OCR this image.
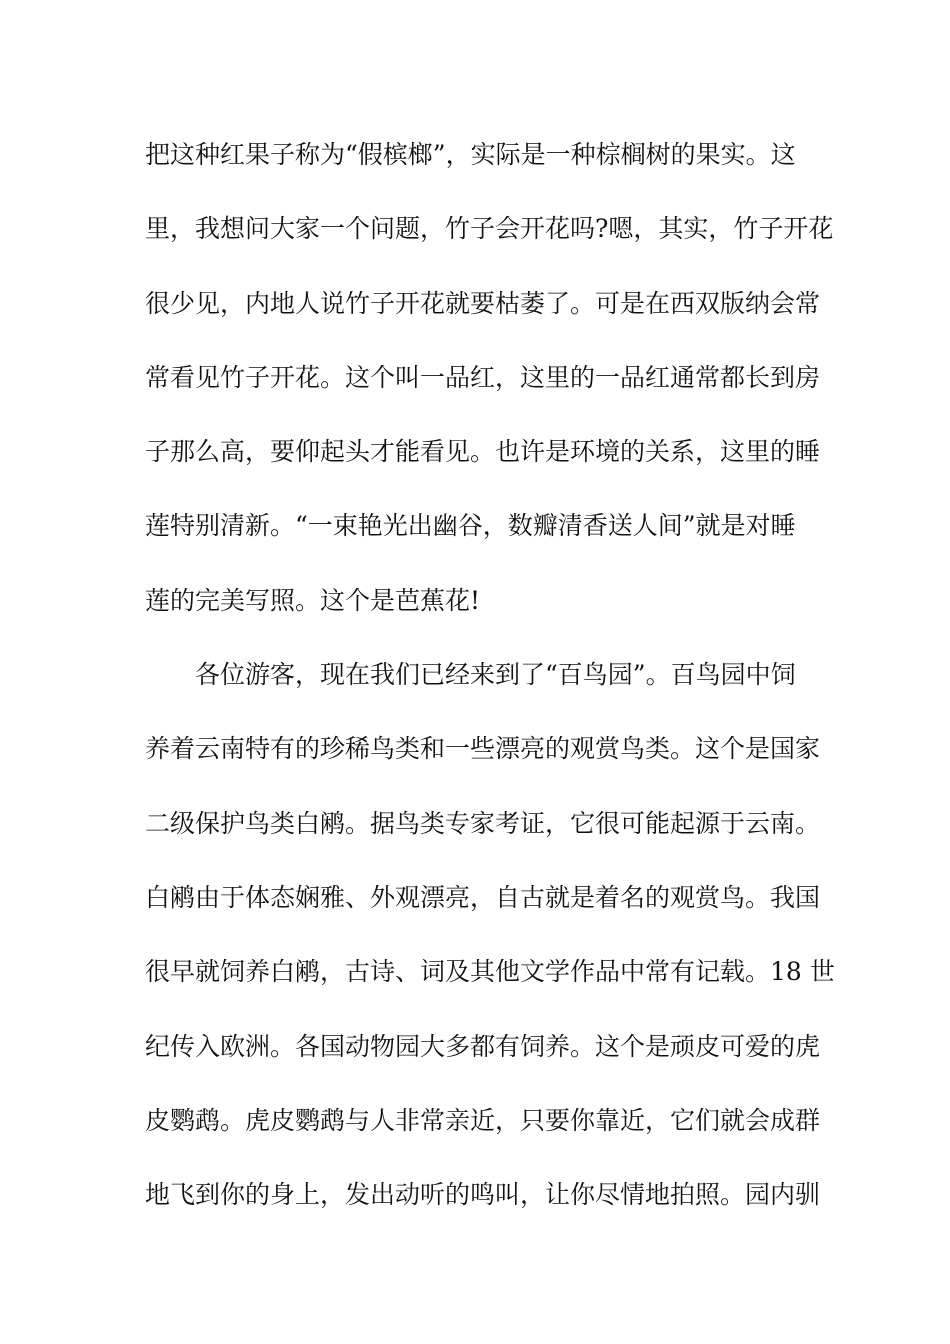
把这种红果子称为“假槟榔”，实际是一种棕榈树的果实。这
里，我想问大家一个问题，竹子会开花吗?嗯，其实，竹子开花
很少见，内地人说竹子开花就要枯萎了。可是在西双版纳会常
常看见竹子开花。这个叫一品红，这里的一品红通常都长到房
子那么高，要仰起头才能看见。也许是环境的关系，这里的睡
莲特别清新。“一束艳光出幽谷，数瓣清香送人间”就是对睡
莲的完美写照。这个是芭蕉花!
各位游客，现在我们已经来到了“百鸟园”。百鸟园中饲
养着云南特有的珍稀鸟类和一些漂亮的观赏鸟类。这个是国家
二级保护鸟类白鹇。据鸟类专家考证，它很可能起源于云南。
白鹇由于体态娴雅、外观漂亮，自古就是着名的观赏鸟。我国
很早就饲养白鹇，古诗、词及其他文学作品中常有记载。18 世
纪传入欧洲。各国动物园大多都有饲养。这个是顽皮可爱的虎
皮鹦鹉。虎皮鹦鹉与人非常亲近，只要你靠近，它们就会成群
地飞到你的身上，发出动听的鸣叫，让你尽情地拍照。园内驯
